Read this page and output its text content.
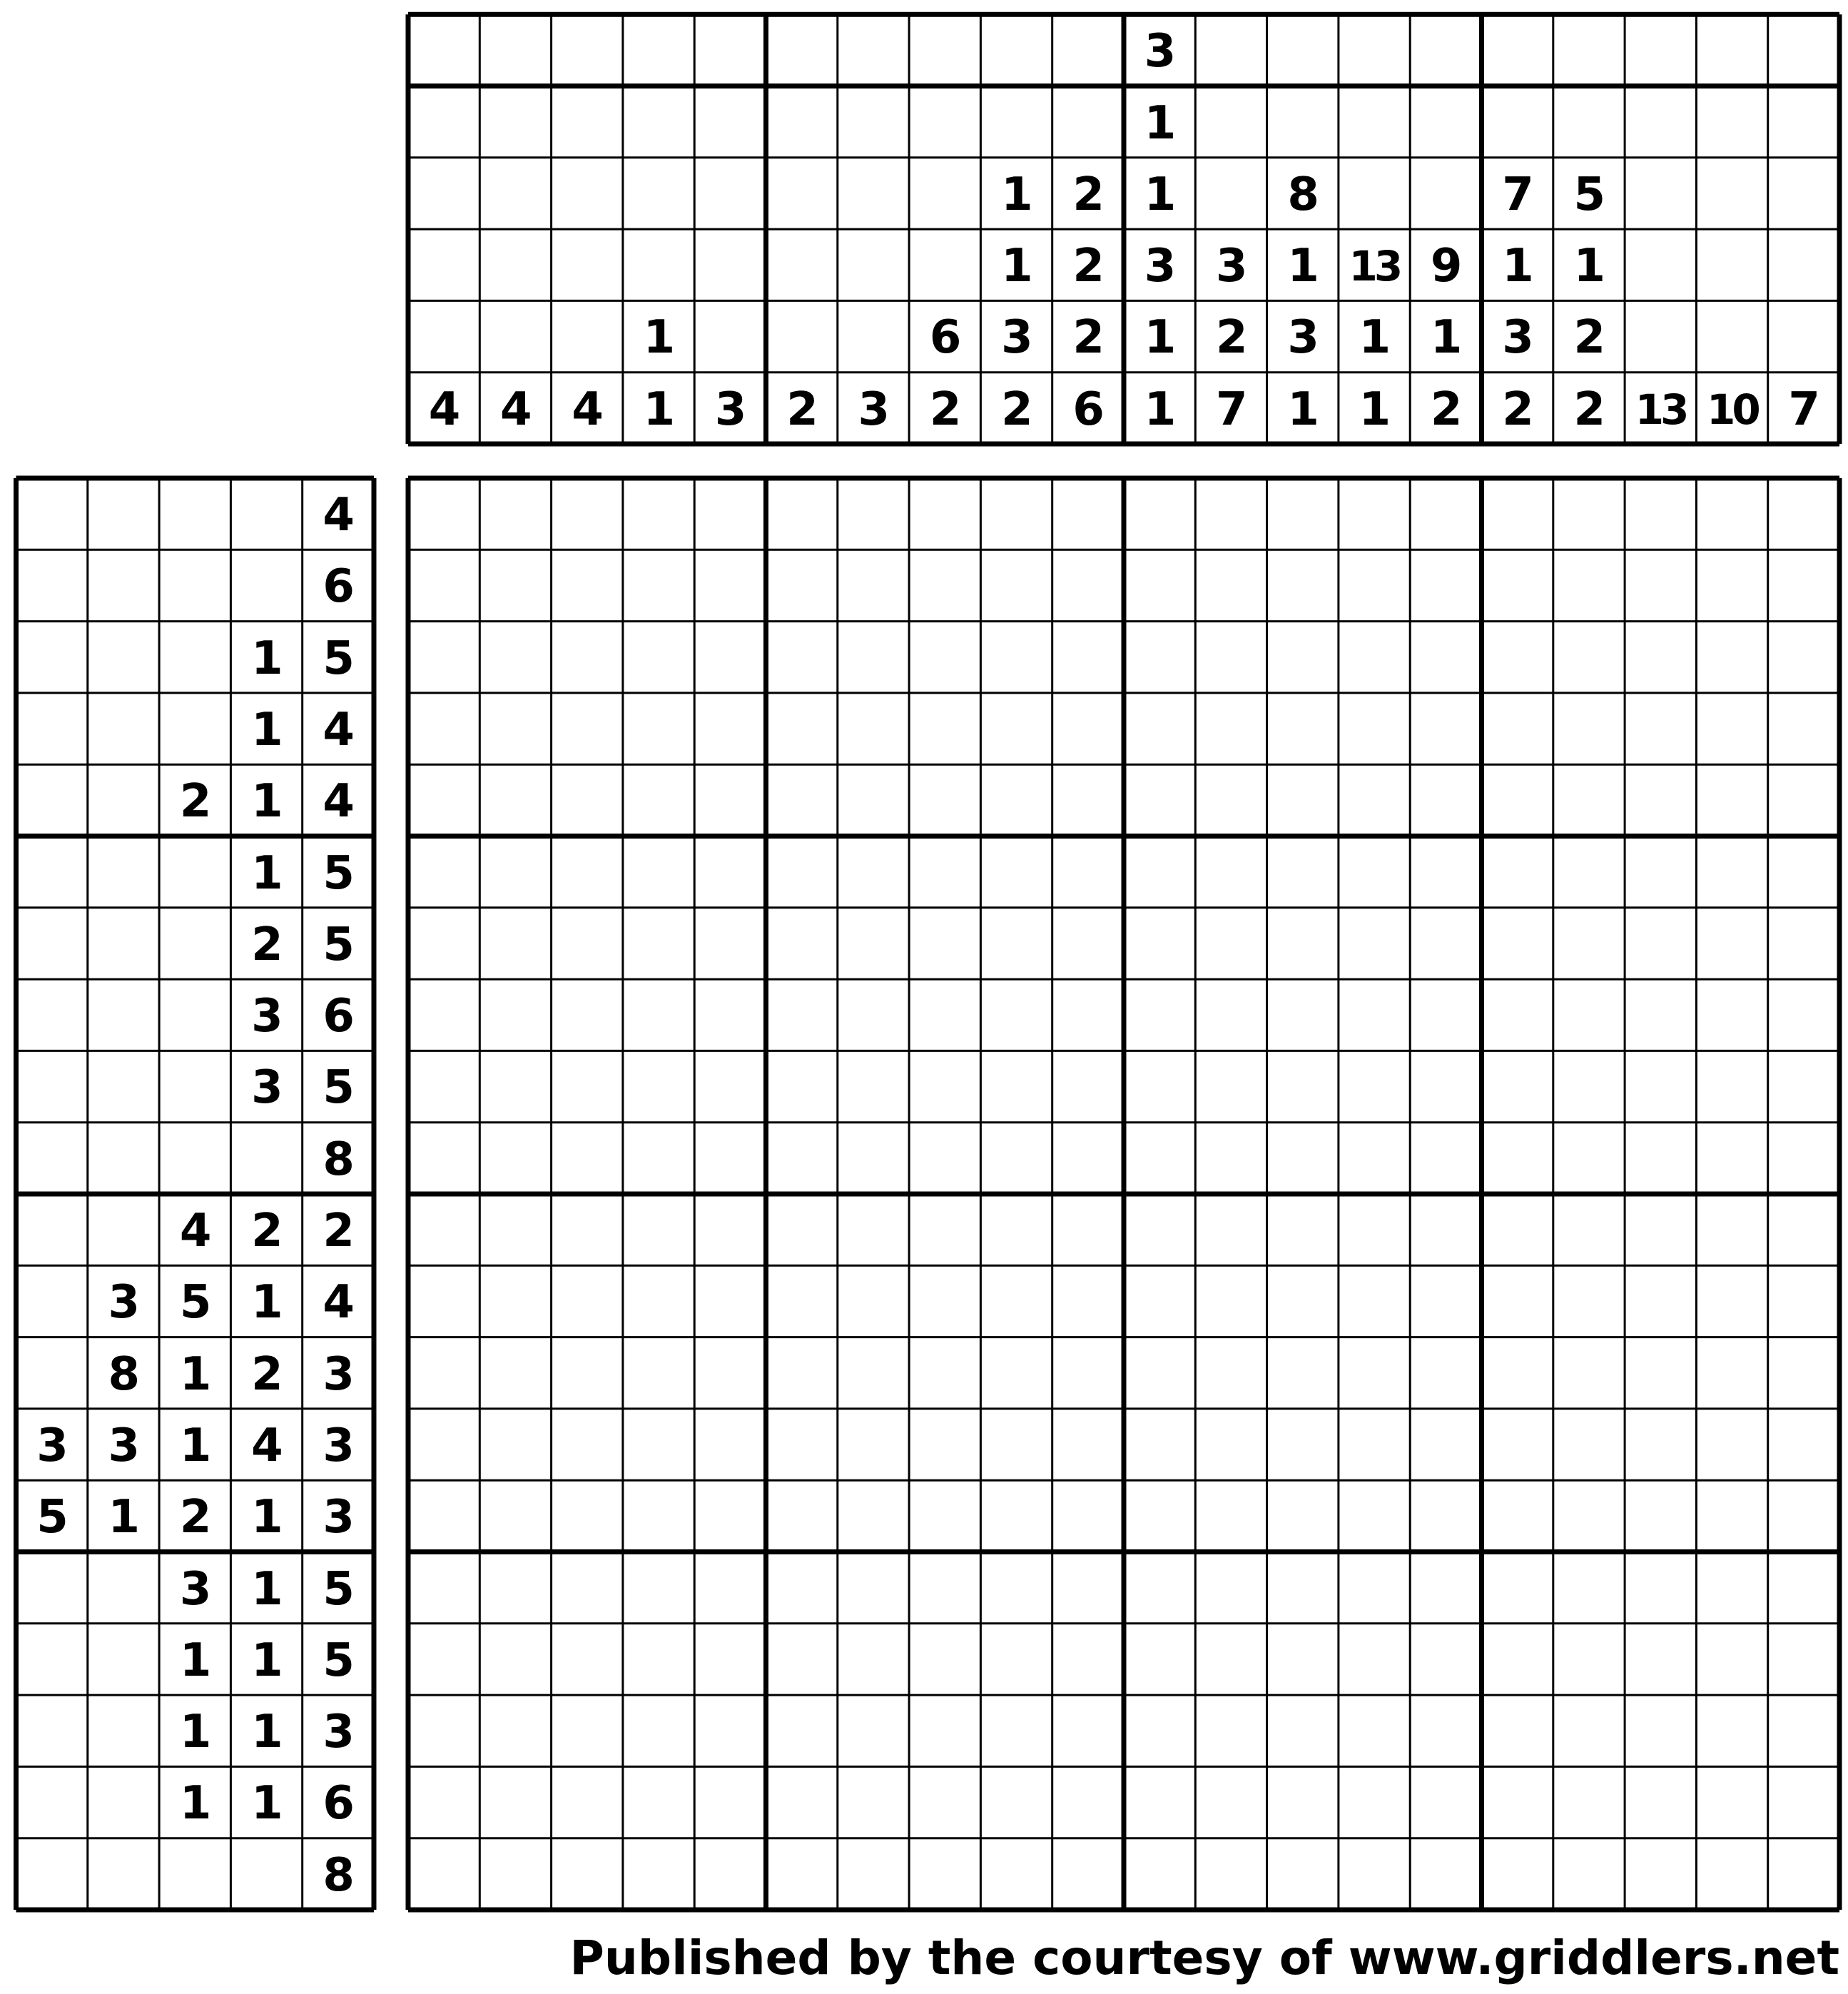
4 4 4
1
1 3 2 3
6
2
1
1
3
2
2
2
2
6
3
1
1
3
1
1
3
2
7
8
1
3
1
13
1
1
9
1
2
7
1
3
2
5
1
2
2 13 10 7
4
6
1 5
1 4
2 1 4
1 5
2 5
3 6
3 5
8
4 2 2
3 5 1 4
8 1 2 3
3 3 1 4 3
5 1 2 1 3
3 1 5
1 1 5
1 1 3
1 1 6
8
Published by the courtesy of www.griddlers.net
